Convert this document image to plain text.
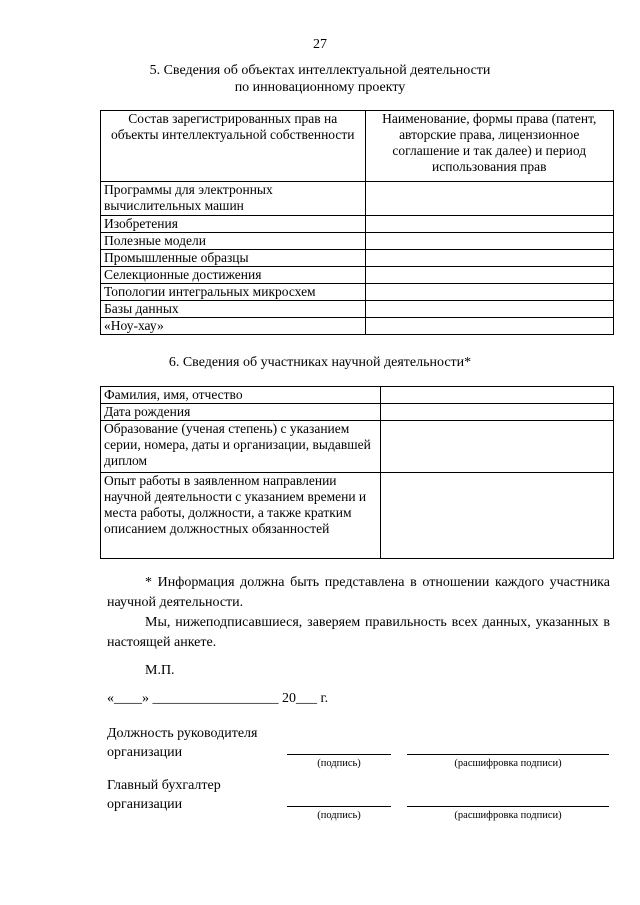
27
5. Сведения об объектах интеллектуальной деятельности
по инновационному проекту
Состав зарегистрированных прав на объекты интеллектуальной собственности	Наименование, формы права (патент, авторские права, лицензионное соглашение и так далее) и период использования прав
Программы для электронных вычислительных машин	
Изобретения	
Полезные модели	
Промышленные образцы	
Селекционные достижения	
Топологии интегральных микросхем	
Базы данных	
«Ноу-хау»	
6. Сведения об участниках научной деятельности*
Фамилия, имя, отчество	
Дата рождения	
Образование (ученая степень) с указанием серии, номера, даты и организации, выдавшей диплом	
Опыт работы в заявленном направлении научной деятельности с указанием времени и места работы, должности, а также кратким описанием должностных обязанностей	
* Информация должна быть представлена в отношении каждого участника научной деятельности.
Мы, нижеподписавшиеся, заверяем правильность всех данных, указанных в настоящей анкете.
М.П.
«____» __________________ 20___ г.
Должность руководителя
организации
(подпись)	(расшифровка подписи)
Главный бухгалтер
организации
(подпись)	(расшифровка подписи)
